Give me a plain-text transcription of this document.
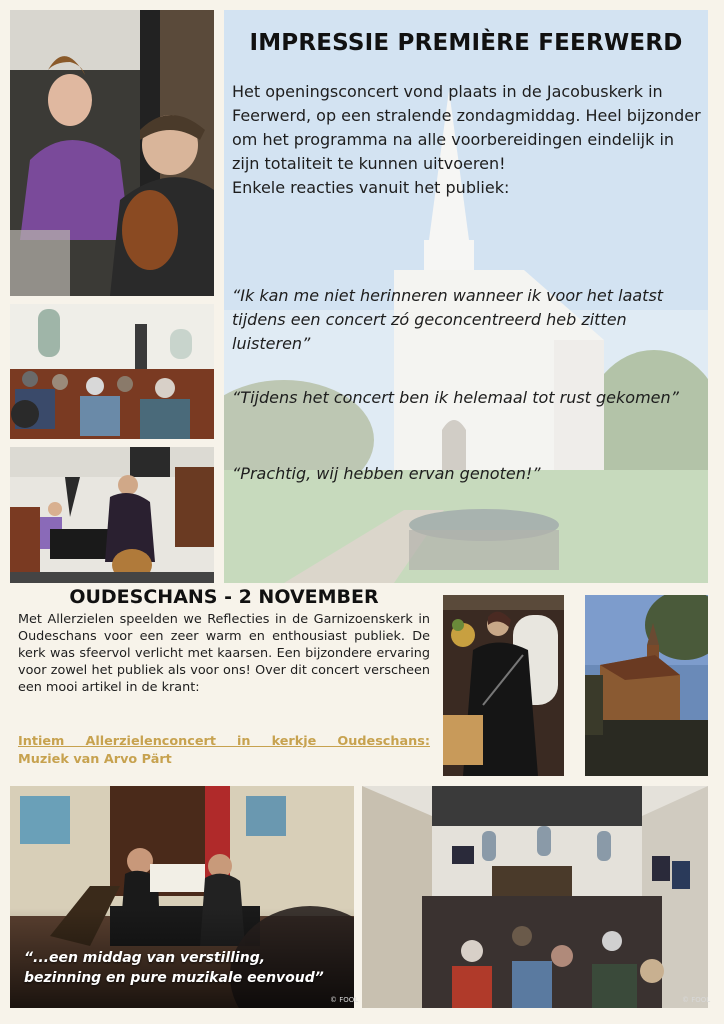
IMPRESSIE PREMIÈRE FEERWERD

Het openingsconcert vond plaats in de Jacobuskerk in Feerwerd, op een stralende zondagmiddag. Heel bijzonder om het programma na alle voorbereidingen eindelijk in zijn totaliteit te kunnen uitvoeren!
Enkele reacties vanuit het publiek:

“Ik kan me niet herinneren wanneer ik voor het laatst tijdens een concert zó geconcentreerd heb zitten luisteren”

“Tijdens het concert ben ik helemaal tot rust gekomen”

“Prachtig, wij hebben ervan genoten!”

OUDESCHANS - 2 NOVEMBER

Met Allerzielen speelden we Reflecties in de Garnizoenskerk in Oudeschans voor een zeer warm en enthousiast publiek. De kerk was sfeervol verlicht met kaarsen. Een bijzondere ervaring voor zowel het publiek als voor ons! Over dit concert verscheen een mooi artikel in de krant:

Intiem Allerzielenconcert in kerkje Oudeschans:
Muziek van Arvo Pärt

“...een middag van verstilling,
bezinning en pure muzikale eenvoud”

© FOOL	© FOOL
